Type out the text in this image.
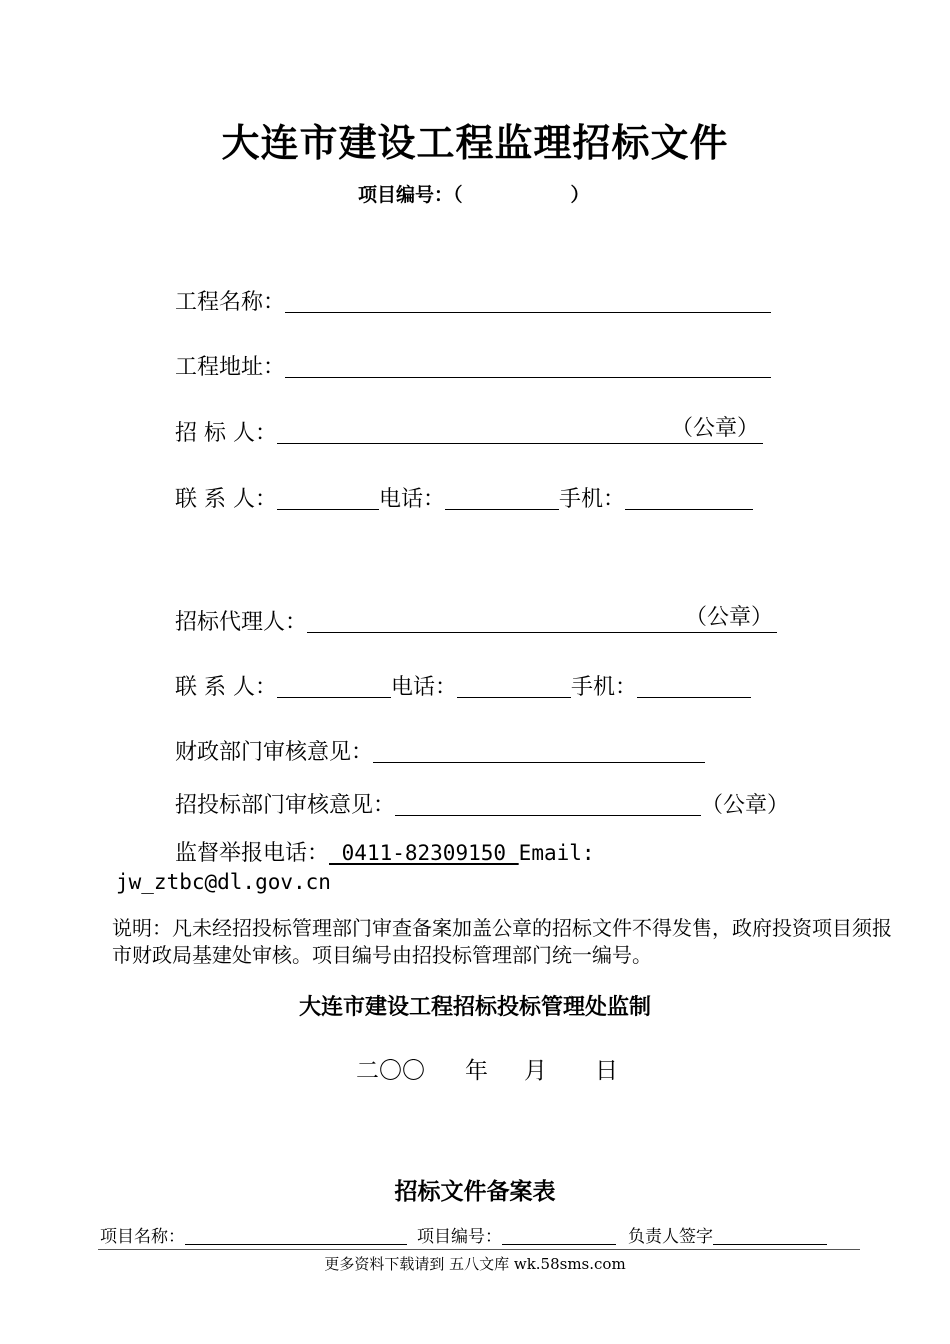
大连市建设工程监理招标文件
项目编号：（	）
工程名称：
工程地址：
招 标 人：	（公章）
联 系 人：	电话：	手机：
招标代理人：	（公章）
联 系 人：	电话：	手机：
财政部门审核意见：
招投标部门审核意见：	（公章）
监督举报电话： 0411-82309150 Email:
jw_ztbc@dl.gov.cn
说明：凡未经招投标管理部门审查备案加盖公章的招标文件不得发售，政府投资项目须报市财政局基建处审核。项目编号由招投标管理部门统一编号。
大连市建设工程招标投标管理处监制
二〇〇 年 月 日
招标文件备案表
项目名称：	项目编号：	负责人签字
更多资料下载请到 五八文库 wk.58sms.com
